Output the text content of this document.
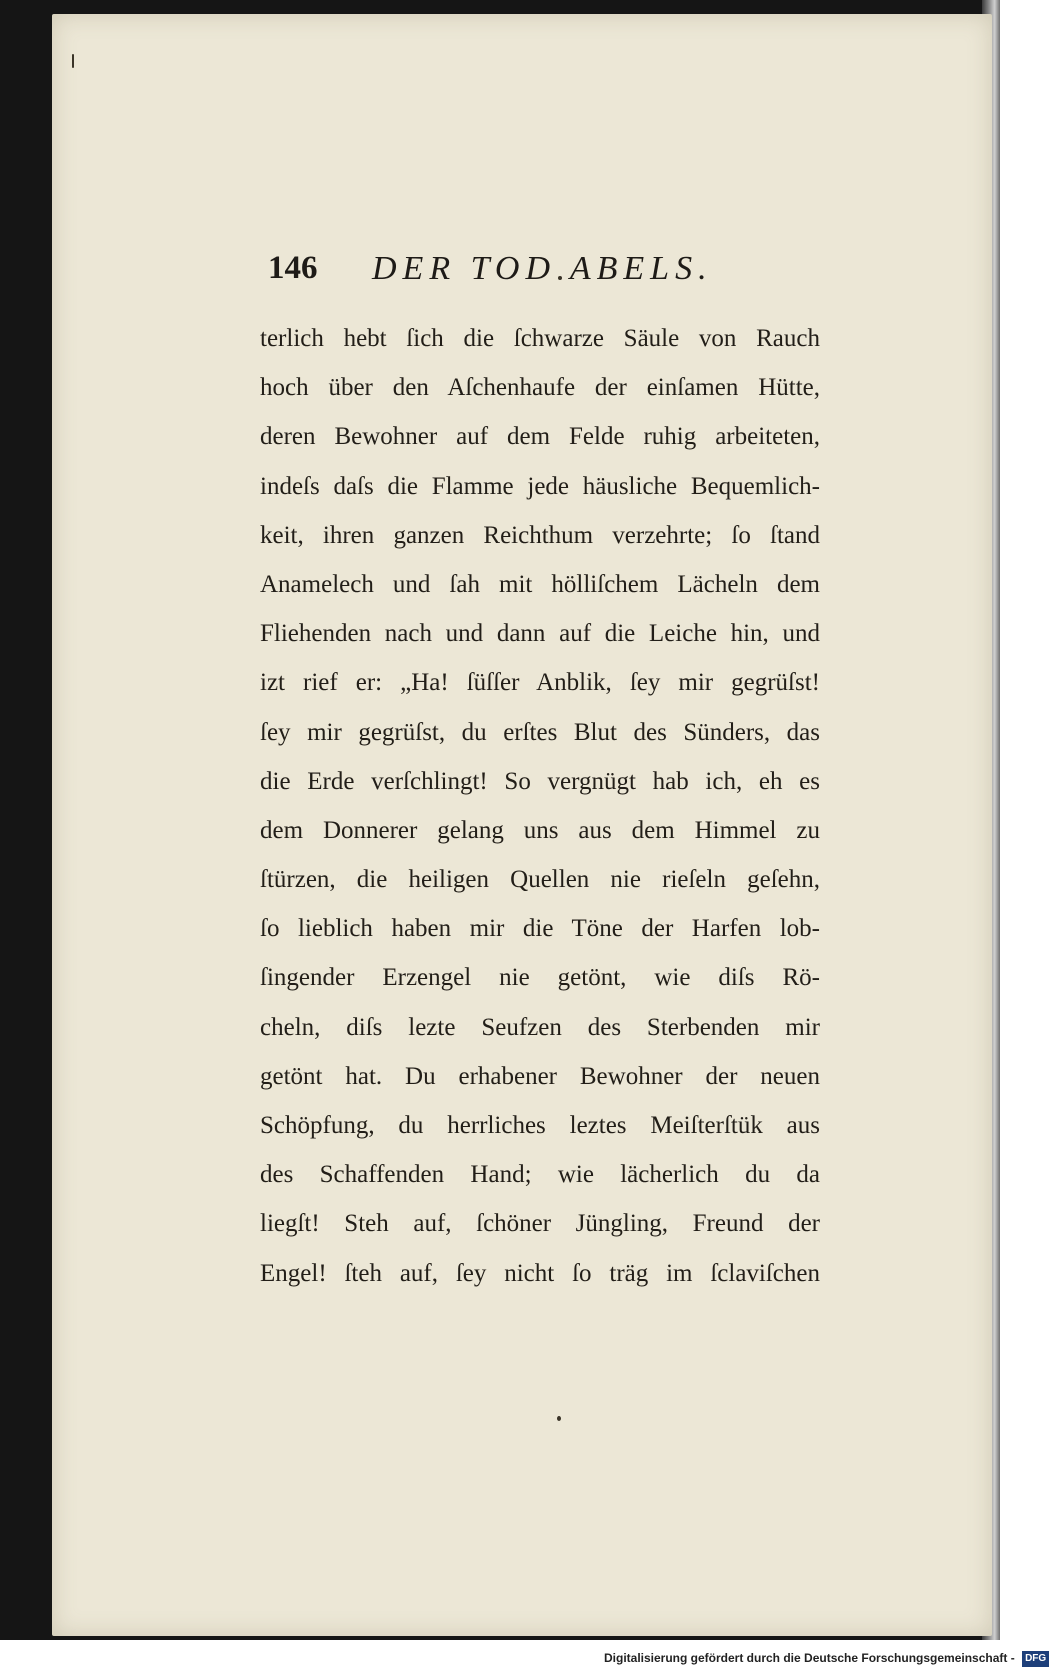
146 DER TOD ABELS.
terlich hebt ſich die ſchwarze Säule von Rauch
hoch über den Aſchenhaufe der einſamen Hütte,
deren Bewohner auf dem Felde ruhig arbeiteten,
indeſs daſs die Flamme jede häusliche Bequemlich-
keit, ihren ganzen Reichthum verzehrte; ſo ſtand
Anamelech und ſah mit hölliſchem Lächeln dem
Fliehenden nach und dann auf die Leiche hin, und
izt rief er: „Ha! ſüſſer Anblik, ſey mir gegrüſst!
ſey mir gegrüſst, du erſtes Blut des Sünders, das
die Erde verſchlingt! So vergnügt hab ich, eh es
dem Donnerer gelang uns aus dem Himmel zu
ſtürzen, die heiligen Quellen nie rieſeln geſehn,
ſo lieblich haben mir die Töne der Harfen lob-
ſingender Erzengel nie getönt, wie diſs Rö-
cheln, diſs lezte Seufzen des Sterbenden mir
getönt hat. Du erhabener Bewohner der neuen
Schöpfung, du herrliches leztes Meiſterſtük aus
des Schaffenden Hand; wie lächerlich du da
liegſt! Steh auf, ſchöner Jüngling, Freund der
Engel! ſteh auf, ſey nicht ſo träg im ſclaviſchen
Digitalisierung gefördert durch die Deutsche Forschungsgemeinschaft - DFG
